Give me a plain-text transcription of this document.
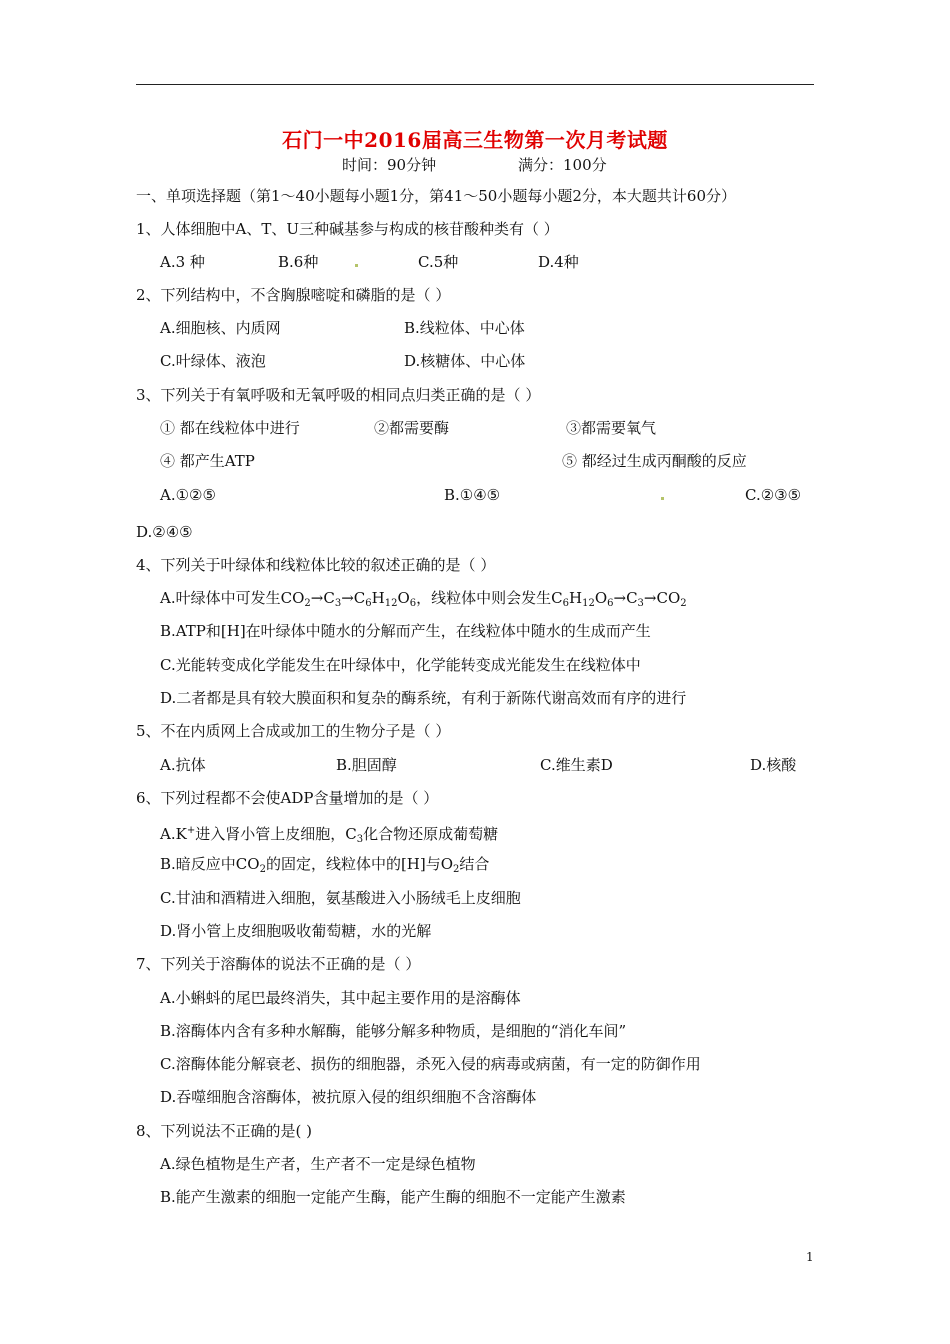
石门一中2016届高三生物第一次月考试题
时间：90分钟	满分：100分
一、单项选择题（第1～40小题每小题1分，第41～50小题每小题2分，本大题共计60分）
1、人体细胞中A、T、U三种碱基参与构成的核苷酸种类有（ ）
A.3 种	B.6种	C.5种	D.4种
2、下列结构中，不含胸腺嘧啶和磷脂的是（ ）
A.细胞核、内质网	B.线粒体、中心体
C.叶绿体、液泡	D.核糖体、中心体
3、下列关于有氧呼吸和无氧呼吸的相同点归类正确的是（ ）
① 都在线粒体中进行	②都需要酶	③都需要氧气
④ 都产生ATP	⑤ 都经过生成丙酮酸的反应
A.①②⑤	B.①④⑤	C.②③⑤
D.②④⑤
4、下列关于叶绿体和线粒体比较的叙述正确的是（ ）
A.叶绿体中可发生$CO_2\to C_3\to C_6H_{12}O_6$，线粒体中则会发生$C_6H_{12}O_6\to C_3\to CO_2$
B.ATP和[H]在叶绿体中随水的分解而产生，在线粒体中随水的生成而产生
C.光能转变成化学能发生在叶绿体中，化学能转变成光能发生在线粒体中
D.二者都是具有较大膜面积和复杂的酶系统，有利于新陈代谢高效而有序的进行
5、不在内质网上合成或加工的生物分子是（ ）
A.抗体	B.胆固醇	C.维生素D	D.核酸
6、下列过程都不会使ADP含量增加的是（ ）
A.K+进入肾小管上皮细胞，$C_3$化合物还原成葡萄糖
B.暗反应中$CO_2$的固定，线粒体中的[H]与$O_2$结合
C.甘油和酒精进入细胞，氨基酸进入小肠绒毛上皮细胞
D.肾小管上皮细胞吸收葡萄糖，水的光解
7、下列关于溶酶体的说法不正确的是（ ）
A.小蝌蚪的尾巴最终消失，其中起主要作用的是溶酶体
B.溶酶体内含有多种水解酶，能够分解多种物质，是细胞的“消化车间”
C.溶酶体能分解衰老、损伤的细胞器，杀死入侵的病毒或病菌，有一定的防御作用
D.吞噬细胞含溶酶体，被抗原入侵的组织细胞不含溶酶体
8、下列说法不正确的是( )
A.绿色植物是生产者，生产者不一定是绿色植物
B.能产生激素的细胞一定能产生酶，能产生酶的细胞不一定能产生激素
1
